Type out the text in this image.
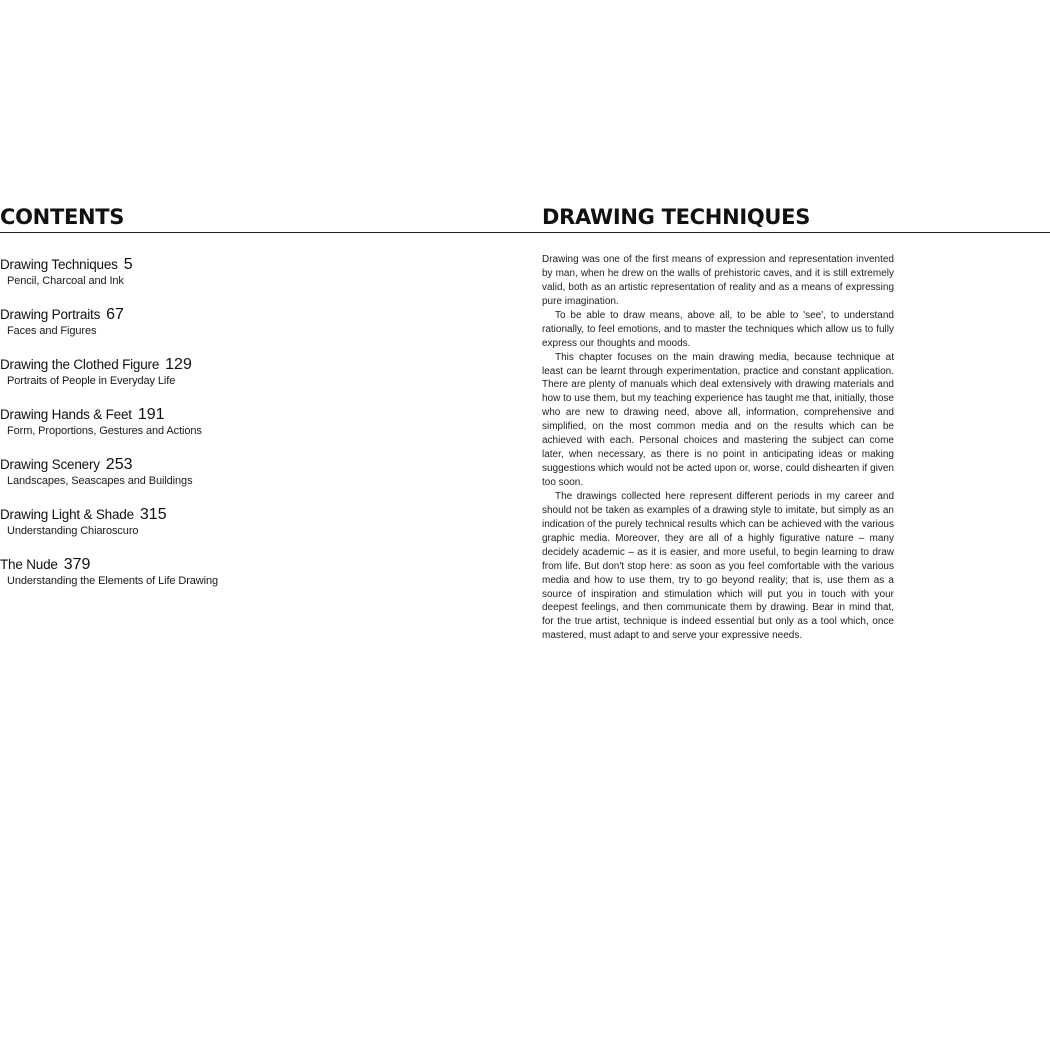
CONTENTS	DRAWING TECHNIQUES
Drawing Techniques 5
Pencil, Charcoal and Ink
Drawing Portraits 67
Faces and Figures
Drawing the Clothed Figure 129
Portraits of People in Everyday Life
Drawing Hands & Feet 191
Form, Proportions, Gestures and Actions
Drawing Scenery 253
Landscapes, Seascapes and Buildings
Drawing Light & Shade 315
Understanding Chiaroscuro
The Nude 379
Understanding the Elements of Life Drawing

Drawing was one of the first means of expression and representation invented by man, when he drew on the walls of prehistoric caves, and it is still extremely valid, both as an artistic representation of reality and as a means of expressing pure imagination.

To be able to draw means, above all, to be able to 'see', to understand rationally, to feel emotions, and to master the techniques which allow us to fully express our thoughts and moods.

This chapter focuses on the main drawing media, because technique at least can be learnt through experimentation, practice and constant application. There are plenty of manuals which deal extensively with drawing materials and how to use them, but my teaching experience has taught me that, initially, those who are new to drawing need, above all, information, comprehensive and simplified, on the most common media and on the results which can be achieved with each. Personal choices and mastering the subject can come later, when necessary, as there is no point in anticipating ideas or making suggestions which would not be acted upon or, worse, could dishearten if given too soon.

The drawings collected here represent different periods in my career and should not be taken as examples of a drawing style to imitate, but simply as an indication of the purely technical results which can be achieved with the various graphic media. Moreover, they are all of a highly figurative nature – many decidely academic – as it is easier, and more useful, to begin learning to draw from life. But don't stop here: as soon as you feel comfortable with the various media and how to use them, try to go beyond reality; that is, use them as a source of inspiration and stimulation which will put you in touch with your deepest feelings, and then communicate them by drawing. Bear in mind that, for the true artist, technique is indeed essential but only as a tool which, once mastered, must adapt to and serve your expressive needs.
